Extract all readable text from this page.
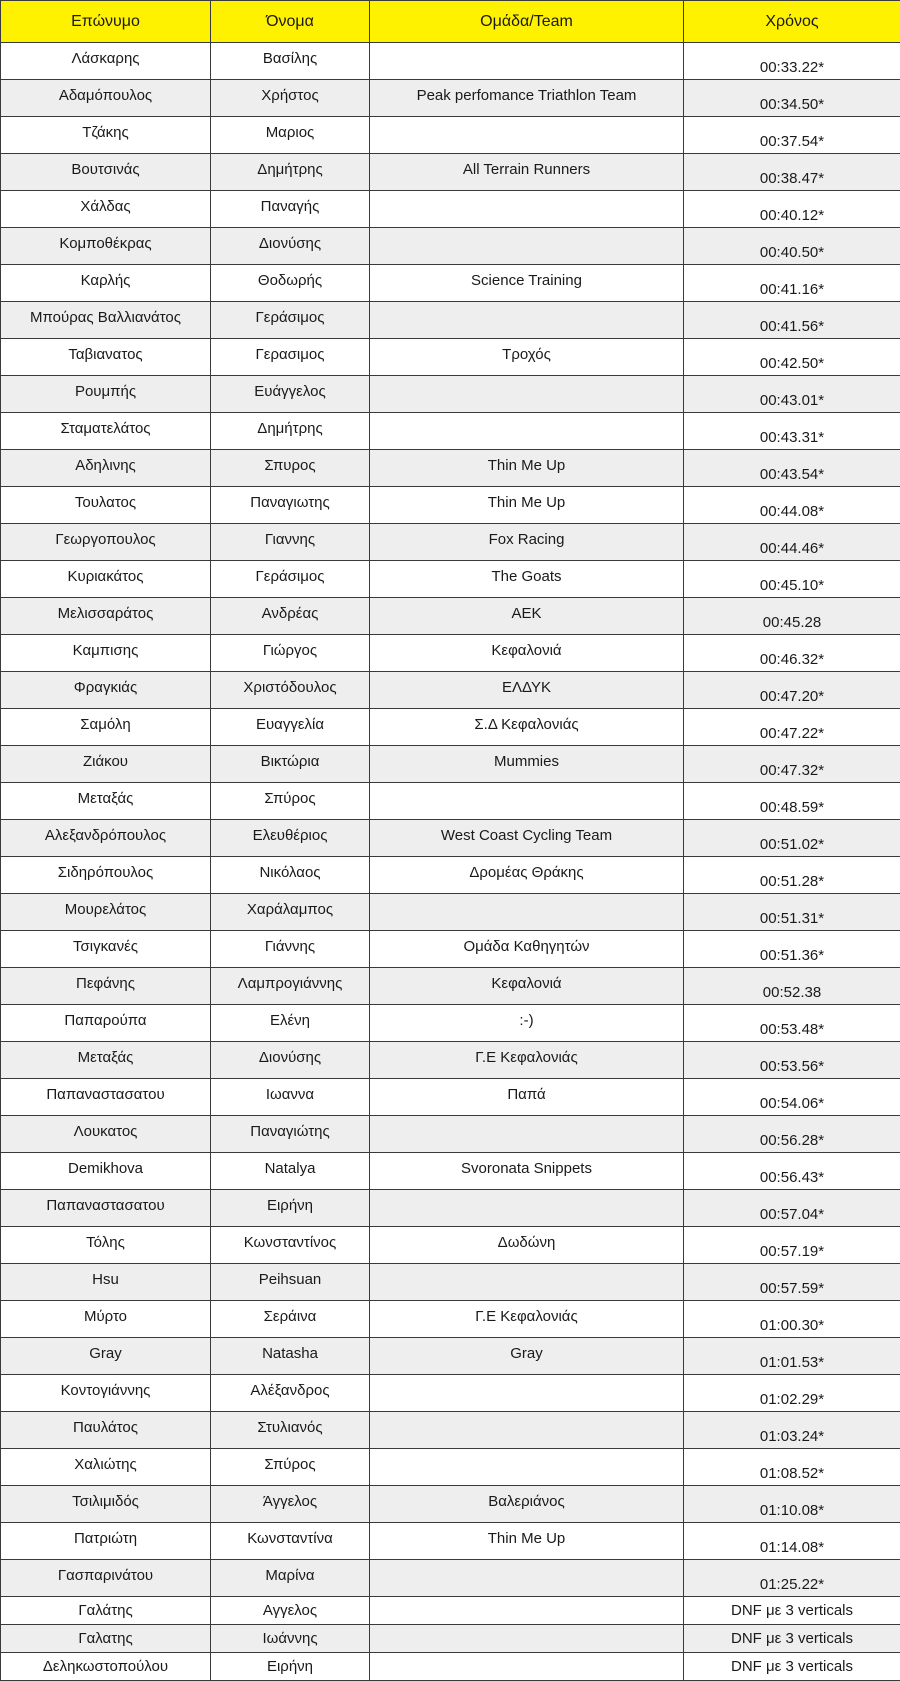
Επώνυμο	Όνομα	Ομάδα/Team	Χρόνος
Λάσκαρης	Βασίλης		00:33.22*
Αδαμόπουλος	Χρήστος	Peak perfomance Triathlon Team	00:34.50*
Τζάκης	Μαριος		00:37.54*
Βουτσινάς	Δημήτρης	All Terrain Runners	00:38.47*
Χάλδας	Παναγής		00:40.12*
Κομποθέκρας	Διονύσης		00:40.50*
Καρλής	Θοδωρής	Science Training	00:41.16*
Μπούρας Βαλλιανάτος	Γεράσιμος		00:41.56*
Ταβιανατος	Γερασιμος	Τροχός	00:42.50*
Ρουμπής	Ευάγγελος		00:43.01*
Σταματελάτος	Δημήτρης		00:43.31*
Αδηλινης	Σπυρος	Thin Me Up	00:43.54*
Τουλατος	Παναγιωτης	Thin Me Up	00:44.08*
Γεωργοπουλος	Γιαννης	Fox Racing	00:44.46*
Κυριακάτος	Γεράσιμος	The Goats	00:45.10*
Μελισσαράτος	Ανδρέας	AEK	00:45.28
Καμπισης	Γιώργος	Κεφαλονιά	00:46.32*
Φραγκιάς	Χριστόδουλος	ΕΛΔΥΚ	00:47.20*
Σαμόλη	Ευαγγελία	Σ.Δ Κεφαλονιάς	00:47.22*
Ζιάκου	Βικτώρια	Mummies	00:47.32*
Μεταξάς	Σπύρος		00:48.59*
Αλεξανδρόπουλος	Ελευθέριος	West Coast Cycling Team	00:51.02*
Σιδηρόπουλος	Νικόλαος	Δρομέας Θράκης	00:51.28*
Μουρελάτος	Χαράλαμπος		00:51.31*
Τσιγκανές	Γιάννης	Ομάδα Καθηγητών	00:51.36*
Πεφάνης	Λαμπρογιάννης	Κεφαλονιά	00:52.38
Παπαρούπα	Ελένη	:-)	00:53.48*
Μεταξάς	Διονύσης	Γ.Ε Κεφαλονιάς	00:53.56*
Παπαναστασατου	Ιωαννα	Παπά	00:54.06*
Λουκατος	Παναγιώτης		00:56.28*
Demikhova	Natalya	Svoronata Snippets	00:56.43*
Παπαναστασατου	Ειρήνη		00:57.04*
Τόλης	Κωνσταντίνος	Δωδώνη	00:57.19*
Hsu	Peihsuan		00:57.59*
Μύρτο	Σεράινα	Γ.Ε Κεφαλονιάς	01:00.30*
Gray	Natasha	Gray	01:01.53*
Κοντογιάννης	Αλέξανδρος		01:02.29*
Παυλάτος	Στυλιανός		01:03.24*
Χαλιώτης	Σπύρος		01:08.52*
Τσιλιμιδός	Άγγελος	Βαλεριάνος	01:10.08*
Πατριώτη	Κωνσταντίνα	Thin Me Up	01:14.08*
Γασπαρινάτου	Μαρίνα		01:25.22*
Γαλάτης	Αγγελος		DNF με 3 verticals
Γαλατης	Ιωάννης		DNF με 3 verticals
Δεληκωστοπούλου	Ειρήνη		DNF με 3 verticals
